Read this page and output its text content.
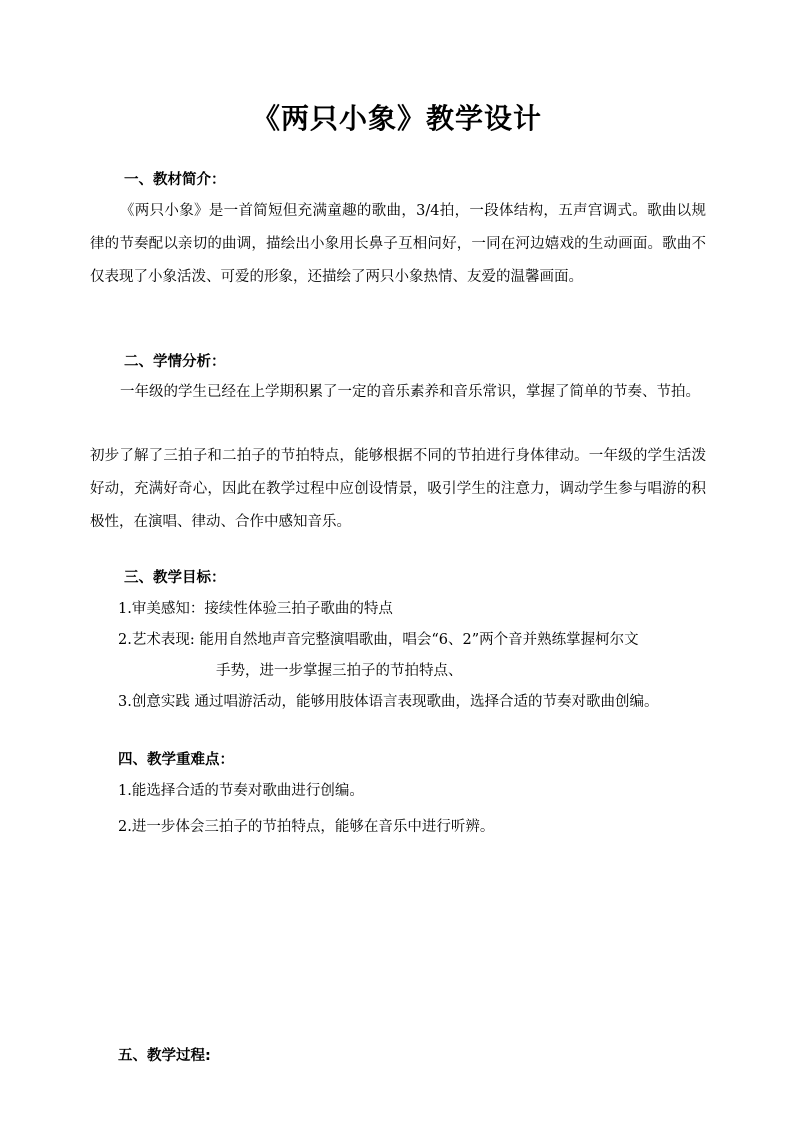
《两只小象》教学设计
一、教材简介：
《两只小象》是一首简短但充满童趣的歌曲，3/4拍，一段体结构，五声宫调式。歌曲以规律的节奏配以亲切的曲调，描绘出小象用长鼻子互相问好，一同在河边嬉戏的生动画面。歌曲不仅表现了小象活泼、可爱的形象，还描绘了两只小象热情、友爱的温馨画面。
二、学情分析：
一年级的学生已经在上学期积累了一定的音乐素养和音乐常识，掌握了简单的节奏、节拍。
初步了解了三拍子和二拍子的节拍特点，能够根据不同的节拍进行身体律动。一年级的学生活泼好动，充满好奇心，因此在教学过程中应创设情景，吸引学生的注意力，调动学生参与唱游的积极性，在演唱、律动、合作中感知音乐。
三、教学目标：
1.审美感知：接续性体验三拍子歌曲的特点
2.艺术表现: 能用自然地声音完整演唱歌曲，唱会“6、2”两个音并熟练掌握柯尔文
手势，进一步掌握三拍子的节拍特点、
3.创意实践 通过唱游活动，能够用肢体语言表现歌曲，选择合适的节奏对歌曲创编。
四、教学重难点：
1.能选择合适的节奏对歌曲进行创编。
2.进一步体会三拍子的节拍特点，能够在音乐中进行听辨。
五、教学过程:
